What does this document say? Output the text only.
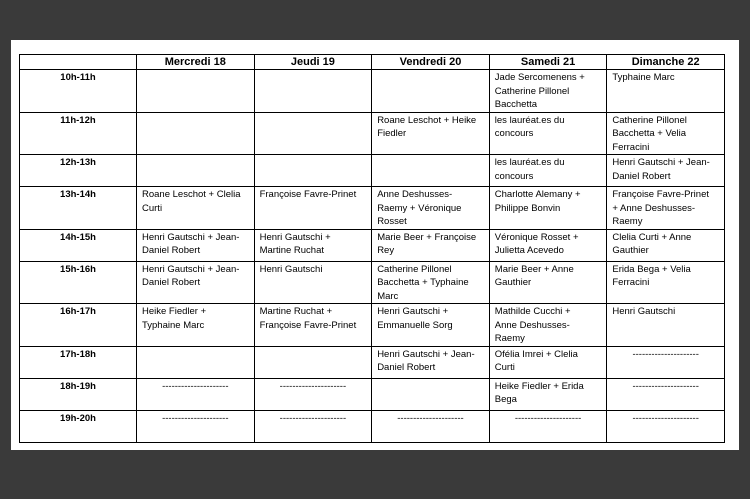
	Mercredi 18	Jeudi 19	Vendredi 20	Samedi 21	Dimanche 22
10h-11h				Jade Sercomenens +
Catherine Pillonel
Bacchetta	Typhaine Marc

11h-12h			Roane Leschot + Heike
Fiedler	les lauréat.es du
concours	Catherine Pillonel
Bacchetta + Velia
Ferracini

12h-13h				les lauréat.es du
concours	Henri Gautschi + Jean-
Daniel Robert

13h-14h	Roane Leschot + Clelia
Curti	Françoise Favre-Prinet	Anne Deshusses-
Raemy + Véronique
Rosset	Charlotte Alemany +
Philippe Bonvin	Françoise Favre-Prinet
+ Anne Deshusses-
Raemy

14h-15h	Henri Gautschi + Jean-
Daniel Robert	Henri Gautschi +
Martine Ruchat	Marie Beer + Françoise
Rey	Véronique Rosset +
Julietta Acevedo	Clelia Curti + Anne
Gauthier

15h-16h	Henri Gautschi + Jean-
Daniel Robert	Henri Gautschi	Catherine Pillonel
Bacchetta + Typhaine
Marc	Marie Beer + Anne
Gauthier	Erida Bega + Velia
Ferracini

16h-17h	Heike Fiedler +
Typhaine Marc	Martine Ruchat +
Françoise Favre-Prinet	Henri Gautschi +
Emmanuelle Sorg	Mathilde Cucchi +
Anne Deshusses-
Raemy	Henri Gautschi

17h-18h			Henri Gautschi + Jean-
Daniel Robert	Ofélia Imrei + Clelia
Curti	---------------------
18h-19h	---------------------	---------------------		Heike Fiedler + Erida
Bega	---------------------
19h-20h	---------------------	---------------------	---------------------	---------------------	---------------------
